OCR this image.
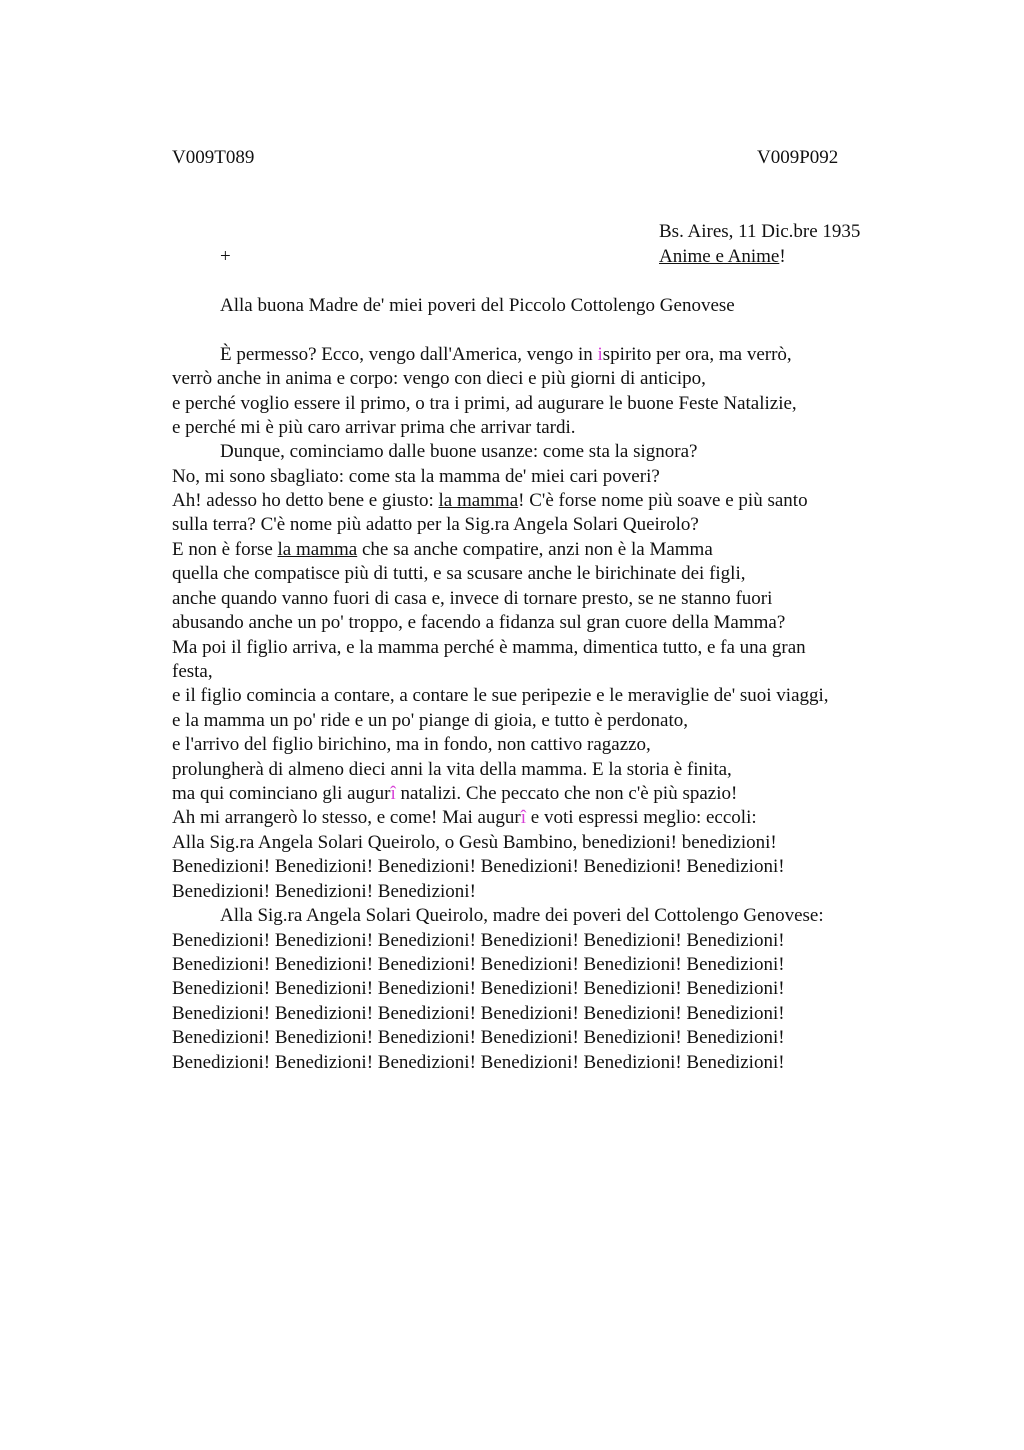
V009T089	V009P092
Bs. Aires, 11 Dic.bre 1935
+	Anime e Anime!
Alla buona Madre de' miei poveri del Piccolo Cottolengo Genovese
È permesso? Ecco, vengo dall'America, vengo in ispirito per ora, ma verrò,
verrò anche in anima e corpo: vengo con dieci e più giorni di anticipo,
e perché voglio essere il primo, o tra i primi, ad augurare le buone Feste Natalizie,
e perché mi è più caro arrivar prima che arrivar tardi.
Dunque, cominciamo dalle buone usanze: come sta la signora?
No, mi sono sbagliato: come sta la mamma de' miei cari poveri?
Ah! adesso ho detto bene e giusto: la mamma! C'è forse nome più soave e più santo
sulla terra? C'è nome più adatto per la Sig.ra Angela Solari Queirolo?
E non è forse la mamma che sa anche compatire, anzi non è la Mamma
quella che compatisce più di tutti, e sa scusare anche le birichinate dei figli,
anche quando vanno fuori di casa e, invece di tornare presto, se ne stanno fuori
abusando anche un po' troppo, e facendo a fidanza sul gran cuore della Mamma?
Ma poi il figlio arriva, e la mamma perché è mamma, dimentica tutto, e fa una gran
festa,
e il figlio comincia a contare, a contare le sue peripezie e le meraviglie de' suoi viaggi,
e la mamma un po' ride e un po' piange di gioia, e tutto è perdonato,
e l'arrivo del figlio birichino, ma in fondo, non cattivo ragazzo,
prolungherà di almeno dieci anni la vita della mamma. E la storia è finita,
ma qui cominciano gli augurî natalizi. Che peccato che non c'è più spazio!
Ah mi arrangerò lo stesso, e come! Mai augurî e voti espressi meglio: eccoli:
Alla Sig.ra Angela Solari Queirolo, o Gesù Bambino, benedizioni! benedizioni!
Benedizioni! Benedizioni! Benedizioni! Benedizioni! Benedizioni! Benedizioni!
Benedizioni! Benedizioni! Benedizioni!
Alla Sig.ra Angela Solari Queirolo, madre dei poveri del Cottolengo Genovese:
Benedizioni! Benedizioni! Benedizioni! Benedizioni! Benedizioni! Benedizioni!
Benedizioni! Benedizioni! Benedizioni! Benedizioni! Benedizioni! Benedizioni!
Benedizioni! Benedizioni! Benedizioni! Benedizioni! Benedizioni! Benedizioni!
Benedizioni! Benedizioni! Benedizioni! Benedizioni! Benedizioni! Benedizioni!
Benedizioni! Benedizioni! Benedizioni! Benedizioni! Benedizioni! Benedizioni!
Benedizioni! Benedizioni! Benedizioni! Benedizioni! Benedizioni! Benedizioni!
